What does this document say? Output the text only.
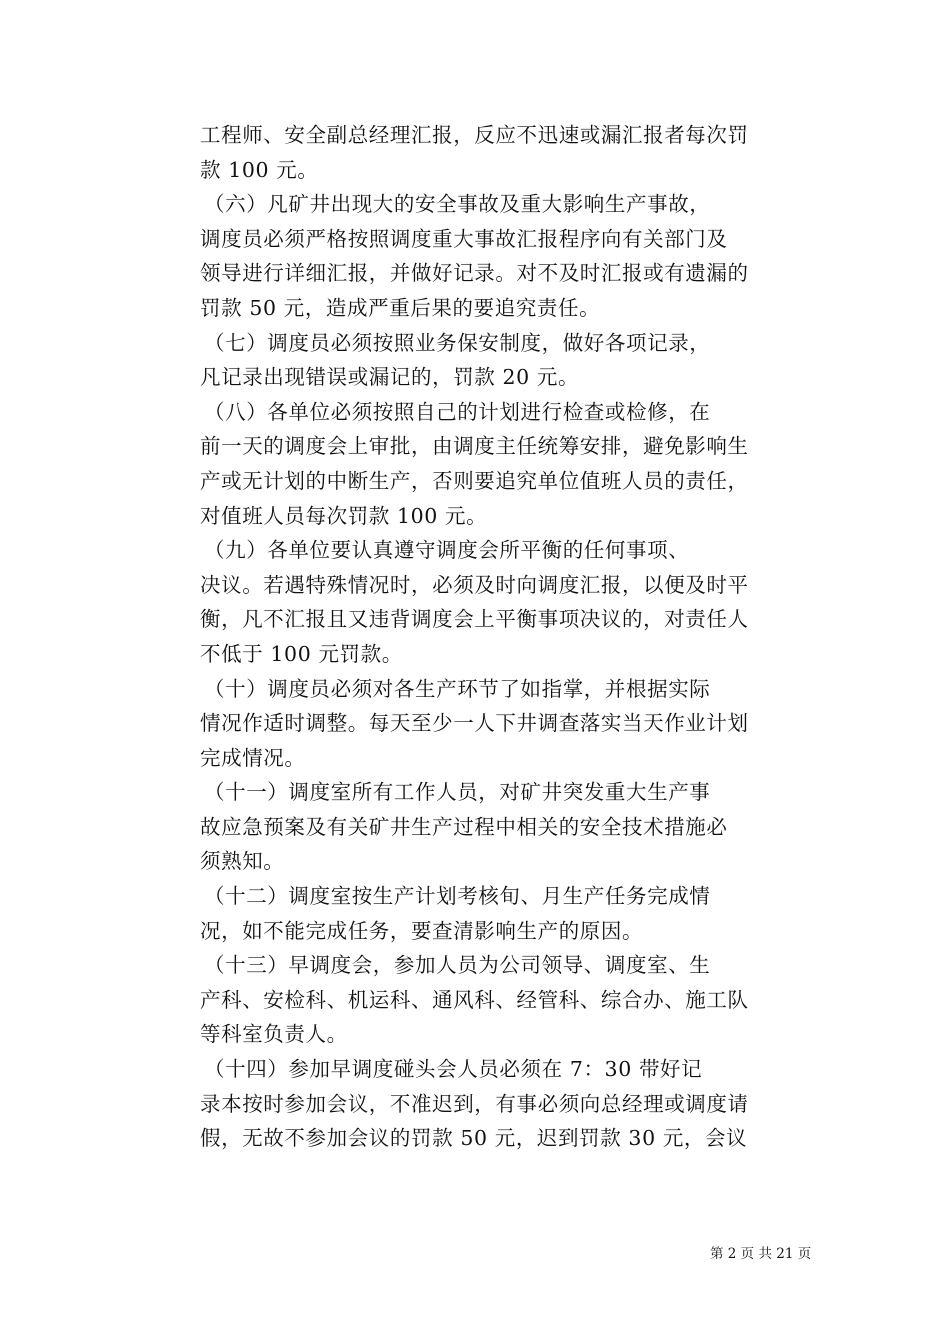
工程师、安全副总经理汇报，反应不迅速或漏汇报者每次罚
款 100 元。
（六）凡矿井出现大的安全事故及重大影响生产事故，
调度员必须严格按照调度重大事故汇报程序向有关部门及
领导进行详细汇报，并做好记录。对不及时汇报或有遗漏的
罚款 50 元，造成严重后果的要追究责任。
（七）调度员必须按照业务保安制度，做好各项记录，
凡记录出现错误或漏记的，罚款 20 元。
（八）各单位必须按照自己的计划进行检查或检修，在
前一天的调度会上审批，由调度主任统筹安排，避免影响生
产或无计划的中断生产，否则要追究单位值班人员的责任，
对值班人员每次罚款 100 元。
（九）各单位要认真遵守调度会所平衡的任何事项、
决议。若遇特殊情况时，必须及时向调度汇报，以便及时平
衡，凡不汇报且又违背调度会上平衡事项决议的，对责任人
不低于 100 元罚款。
（十）调度员必须对各生产环节了如指掌，并根据实际
情况作适时调整。每天至少一人下井调查落实当天作业计划
完成情况。
（十一）调度室所有工作人员，对矿井突发重大生产事
故应急预案及有关矿井生产过程中相关的安全技术措施必
须熟知。
（十二）调度室按生产计划考核旬、月生产任务完成情
况，如不能完成任务，要查清影响生产的原因。
（十三）早调度会，参加人员为公司领导、调度室、生
产科、安检科、机运科、通风科、经管科、综合办、施工队
等科室负责人。
（十四）参加早调度碰头会人员必须在 7：30 带好记
录本按时参加会议，不准迟到，有事必须向总经理或调度请
假，无故不参加会议的罚款 50 元，迟到罚款 30 元，会议
第 2 页 共 21 页
